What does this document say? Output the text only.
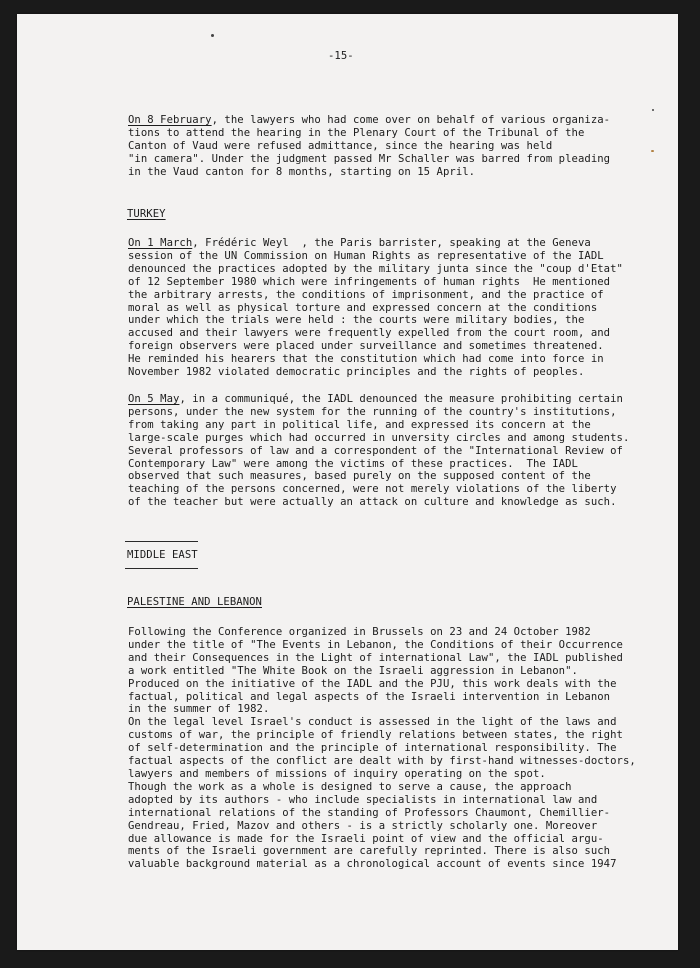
-15-
On 8 February, the lawyers who had come over on behalf of various organiza-
tions to attend the hearing in the Plenary Court of the Tribunal of the
Canton of Vaud were refused admittance, since the hearing was held
"in camera". Under the judgment passed Mr Schaller was barred from pleading
in the Vaud canton for 8 months, starting on 15 April.
TURKEY
On 1 March, Frédéric Weyl  , the Paris barrister, speaking at the Geneva
session of the UN Commission on Human Rights as representative of the IADL
denounced the practices adopted by the military junta since the "coup d'Etat"
of 12 September 1980 which were infringements of human rights  He mentioned
the arbitrary arrests, the conditions of imprisonment, and the practice of
moral as well as physical torture and expressed concern at the conditions
under which the trials were held : the courts were military bodies, the
accused and their lawyers were frequently expelled from the court room, and
foreign observers were placed under surveillance and sometimes threatened.
He reminded his hearers that the constitution which had come into force in
November 1982 violated democratic principles and the rights of peoples.
On 5 May, in a communiqué, the IADL denounced the measure prohibiting certain
persons, under the new system for the running of the country's institutions,
from taking any part in political life, and expressed its concern at the
large-scale purges which had occurred in unversity circles and among students.
Several professors of law and a correspondent of the "International Review of
Contemporary Law" were among the victims of these practices.  The IADL
observed that such measures, based purely on the supposed content of the
teaching of the persons concerned, were not merely violations of the liberty
of the teacher but were actually an attack on culture and knowledge as such.
MIDDLE EAST
PALESTINE AND LEBANON
Following the Conference organized in Brussels on 23 and 24 October 1982
under the title of "The Events in Lebanon, the Conditions of their Occurrence
and their Consequences in the Light of international Law", the IADL published
a work entitled "The White Book on the Israeli aggression in Lebanon".
Produced on the initiative of the IADL and the PJU, this work deals with the
factual, political and legal aspects of the Israeli intervention in Lebanon
in the summer of 1982.
On the legal level Israel's conduct is assessed in the light of the laws and
customs of war, the principle of friendly relations between states, the right
of self-determination and the principle of international responsibility. The
factual aspects of the conflict are dealt with by first-hand witnesses-doctors,
lawyers and members of missions of inquiry operating on the spot.
Though the work as a whole is designed to serve a cause, the approach
adopted by its authors - who include specialists in international law and
international relations of the standing of Professors Chaumont, Chemillier-
Gendreau, Fried, Mazov and others - is a strictly scholarly one. Moreover
due allowance is made for the Israeli point of view and the official argu-
ments of the Israeli government are carefully reprinted. There is also such
valuable background material as a chronological account of events since 1947
